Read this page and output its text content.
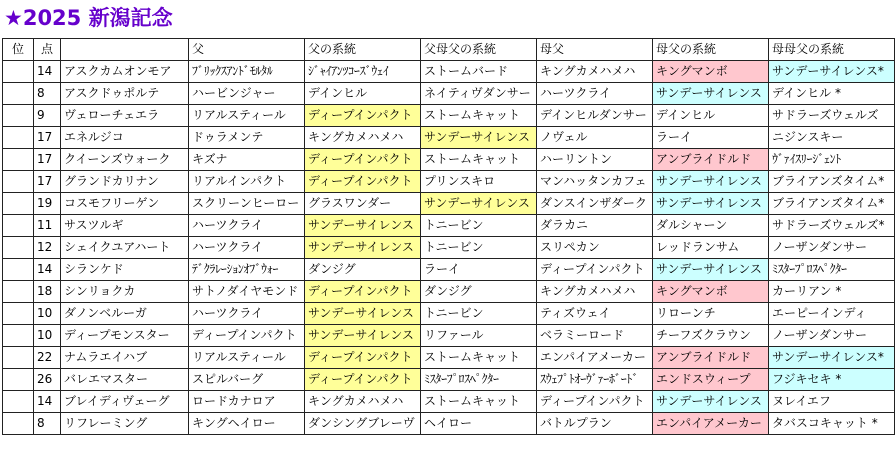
★2025 新潟記念
位	点		父	父の系統	父母父の系統	母父	母父の系統	母母父の系統
	14	アスクカムオンモア	ﾌﾞﾘｯｸｽｱﾝﾄﾞﾓﾙﾀﾙ	ｼﾞｬｲｱﾝﾂｺｰｽﾞｳｪｲ	ストームバード	キングカメハメハ	キングマンボ	サンデーサイレンス*
	8	アスクドゥポルテ	ハービンジャー	デインヒル	ネイティヴダンサー	ハーツクライ	サンデーサイレンス	デインヒル *
	9	ヴェローチェエラ	リアルスティール	ディープインパクト	ストームキャット	デインヒルダンサー	デインヒル	サドラーズウェルズ
	17	エネルジコ	ドゥラメンテ	キングカメハメハ	サンデーサイレンス	ノヴェル	ラーイ	ニジンスキー
	17	クイーンズウォーク	キズナ	ディープインパクト	ストームキャット	ハーリントン	アンブライドルド	ｳﾞｧｲｽﾘｰｼﾞｪﾝﾄ
	17	グランドカリナン	リアルインパクト	ディープインパクト	プリンスキロ	マンハッタンカフェ	サンデーサイレンス	ブライアンズタイム*
	19	コスモフリーゲン	スクリーンヒーロー	グラスワンダー	サンデーサイレンス	ダンスインザダーク	サンデーサイレンス	ブライアンズタイム*
	11	サスツルギ	ハーツクライ	サンデーサイレンス	トニービン	ダラカニ	ダルシャーン	サドラーズウェルズ*
	12	シェイクユアハート	ハーツクライ	サンデーサイレンス	トニービン	スリペカン	レッドランサム	ノーザンダンサー
	14	シランケド	ﾃﾞｸﾗﾚｰｼｮﾝｵﾌﾞｳｫｰ	ダンジグ	ラーイ	ディープインパクト	サンデーサイレンス	ﾐｽﾀｰﾌﾟﾛｽﾍﾟｸﾀｰ
	18	シンリョクカ	サトノダイヤモンド	ディープインパクト	ダンジグ	キングカメハメハ	キングマンボ	カーリアン *
	10	ダノンベルーガ	ハーツクライ	サンデーサイレンス	トニービン	ティズウェイ	リローンチ	エーピーインディ
	10	ディープモンスター	ディープインパクト	サンデーサイレンス	リファール	ベラミーロード	チーフズクラウン	ノーザンダンサー
	22	ナムラエイハブ	リアルスティール	ディープインパクト	ストームキャット	エンパイアメーカー	アンブライドルド	サンデーサイレンス*
	26	バレエマスター	スピルバーグ	ディープインパクト	ﾐｽﾀｰﾌﾟﾛｽﾍﾟｸﾀｰ	ｽｳｪﾌﾟﾄｵｰｳﾞｧｰﾎﾞｰﾄﾞ	エンドスウィープ	フジキセキ *
	14	ブレイディヴェーグ	ロードカナロア	キングカメハメハ	ストームキャット	ディープインパクト	サンデーサイレンス	ヌレイエフ
	8	リフレーミング	キングヘイロー	ダンシングブレーヴ	ヘイロー	バトルプラン	エンパイアメーカー	タバスコキャット *
